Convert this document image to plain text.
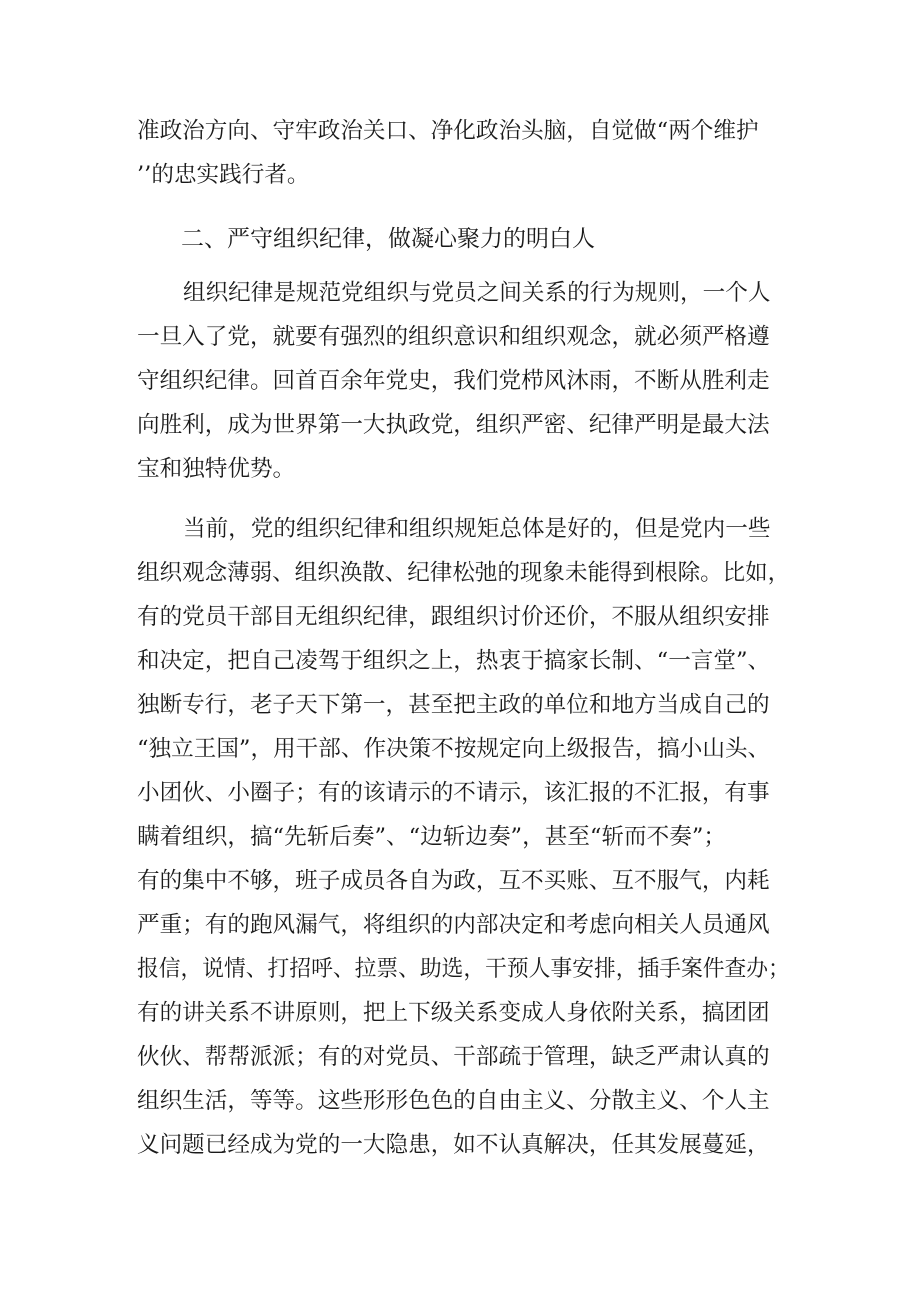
准政治方向、守牢政治关口、净化政治头脑，自觉做“两个维护

’’的忠实践行者。

二、严守组织纪律，做凝心聚力的明白人

组织纪律是规范党组织与党员之间关系的行为规则，一个人

一旦入了党，就要有强烈的组织意识和组织观念，就必须严格遵

守组织纪律。回首百余年党史，我们党栉风沐雨，不断从胜利走

向胜利，成为世界第一大执政党，组织严密、纪律严明是最大法

宝和独特优势。

当前，党的组织纪律和组织规矩总体是好的，但是党内一些

组织观念薄弱、组织涣散、纪律松弛的现象未能得到根除。比如，

有的党员干部目无组织纪律，跟组织讨价还价，不服从组织安排

和决定，把自己凌驾于组织之上，热衷于搞家长制、“一言堂”、

独断专行，老子天下第一，甚至把主政的单位和地方当成自己的

“独立王国”，用干部、作决策不按规定向上级报告，搞小山头、

小团伙、小圈子；有的该请示的不请示，该汇报的不汇报，有事

瞒着组织，搞“先斩后奏”、“边斩边奏”，甚至“斩而不奏”；

有的集中不够，班子成员各自为政，互不买账、互不服气，内耗

严重；有的跑风漏气，将组织的内部决定和考虑向相关人员通风

报信，说情、打招呼、拉票、助选，干预人事安排，插手案件查办；

有的讲关系不讲原则，把上下级关系变成人身依附关系，搞团团

伙伙、帮帮派派；有的对党员、干部疏于管理，缺乏严肃认真的

组织生活，等等。这些形形色色的自由主义、分散主义、个人主

义问题已经成为党的一大隐患，如不认真解决，任其发展蔓延，
